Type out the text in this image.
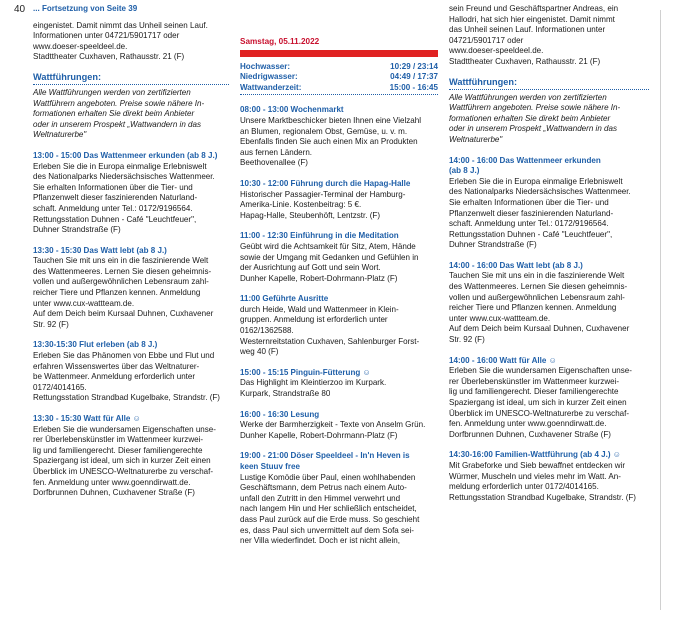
40 ... Fortsetzung von Seite 39
eingenistet. Damit nimmt das Unheil seinen Lauf.
Informationen unter 04721/5901717 oder
www.doeser-speeldeel.de.
Stadttheater Cuxhaven, Rathausstr. 21 (F)
Wattführungen:
Alle Wattführungen werden von zertifizierten
Wattführern angeboten. Preise sowie nähere In-
formationen erhalten Sie direkt beim Anbieter
oder in unserem Prospekt „Wattwandern in das
Weltnaturerbe"
13:00 - 15:00 Das Wattenmeer erkunden (ab 8 J.)
Erleben Sie die in Europa einmalige Erlebniswelt
des Nationalparks Niedersächsisches Wattenmeer.
Sie erhalten Informationen über die Tier- und
Pflanzenwelt dieser faszinierenden Naturland-
schaft. Anmeldung unter Tel.: 0172/9196564.
Rettungsstation Duhnen - Café "Leuchtfeuer",
Duhner Strandstraße (F)
13:30 - 15:30 Das Watt lebt (ab 8 J.)
Tauchen Sie mit uns ein in die faszinierende Welt
des Wattenmeeres. Lernen Sie diesen geheimnis-
vollen und außergewöhnlichen Lebensraum zahl-
reicher Tiere und Pflanzen kennen. Anmeldung
unter www.cux-wattteam.de.
Auf dem Deich beim Kursaal Duhnen, Cuxhavener
Str. 92 (F)
13:30-15:30 Flut erleben (ab 8 J.)
Erleben Sie das Phänomen von Ebbe und Flut und
erfahren Wissenswertes über das Weltnaturer-
be Wattenmeer. Anmeldung erforderlich unter
0172/4014165.
Rettungsstation Strandbad Kugelbake, Strandstr. (F)
13:30 - 15:30 Watt für Alle ☺
Erleben Sie die wundersamen Eigenschaften unse-
rer Überlebenskünstler im Wattenmeer kurzwei-
lig und familiengerecht. Dieser familiengerechte
Spaziergang ist ideal, um sich in kurzer Zeit einen
Überblick im UNESCO-Weltnaturerbe zu verschaf-
fen. Anmeldung unter www.goenndirwatt.de.
Dorfbrunnen Duhnen, Cuxhavener Straße (F)
Samstag, 05.11.2022
Hochwasser:	10:29 / 23:14
Niedrigwasser:	04:49 / 17:37
Wattwanderzeit:	15:00 - 16:45
08:00 - 13:00 Wochenmarkt
Unsere Marktbeschicker bieten Ihnen eine Vielzahl
an Blumen, regionalem Obst, Gemüse, u. v. m.
Ebenfalls finden Sie auch einen Mix an Produkten
aus fernen Ländern.
Beethovenallee (F)
10:30 - 12:00 Führung durch die Hapag-Halle
Historischer Passagier-Terminal der Hamburg-
Amerika-Linie. Kostenbeitrag: 5 €.
Hapag-Halle, Steubenhöft, Lentzstr. (F)
11:00 - 12:30 Einführung in die Meditation
Geübt wird die Achtsamkeit für Sitz, Atem, Hände
sowie der Umgang mit Gedanken und Gefühlen in
der Ausrichtung auf Gott und sein Wort.
Dunher Kapelle, Robert-Dohrmann-Platz (F)
11:00 Geführte Ausritte
durch Heide, Wald und Wattenmeer in Klein-
gruppen. Anmeldung ist erforderlich unter
0162/1362588.
Westernreitstation Cuxhaven, Sahlenburger Forst-
weg 40 (F)
15:00 - 15:15 Pinguin-Fütterung ☺
Das Highlight im Kleintierzoo im Kurpark.
Kurpark, Strandstraße 80
16:00 - 16:30 Lesung
Werke der Barmherzigkeit - Texte von Anselm Grün.
Dunher Kapelle, Robert-Dohrmann-Platz (F)
19:00 - 21:00 Döser Speeldeel - In'n Heven is
keen Stuuv free
Lustige Komödie über Paul, einen wohlhabenden
Geschäftsmann, dem Petrus nach einem Auto-
unfall den Zutritt in den Himmel verwehrt und
nach langem Hin und Her schließlich entscheidet,
dass Paul zurück auf die Erde muss. So geschieht
es, dass Paul sich unvermittelt auf dem Sofa sei-
ner Villa wiederfindet. Doch er ist nicht allein,
sein Freund und Geschäftspartner Andreas, ein
Hallodri, hat sich hier eingenistet. Damit nimmt
das Unheil seinen Lauf. Informationen unter
04721/5901717 oder
www.doeser-speeldeel.de.
Stadttheater Cuxhaven, Rathausstr. 21 (F)
Wattführungen:
Alle Wattführungen werden von zertifizierten
Wattführern angeboten. Preise sowie nähere In-
formationen erhalten Sie direkt beim Anbieter
oder in unserem Prospekt „Wattwandern in das
Weltnaturerbe"
14:00 - 16:00 Das Wattenmeer erkunden
(ab 8 J.)
Erleben Sie die in Europa einmalige Erlebniswelt
des Nationalparks Niedersächsisches Wattenmeer.
Sie erhalten Informationen über die Tier- und
Pflanzenwelt dieser faszinierenden Naturland-
schaft. Anmeldung unter Tel.: 0172/9196564.
Rettungsstation Duhnen - Café "Leuchtfeuer",
Duhner Strandstraße (F)
14:00 - 16:00 Das Watt lebt (ab 8 J.)
Tauchen Sie mit uns ein in die faszinierende Welt
des Wattenmeeres. Lernen Sie diesen geheimnis-
vollen und außergewöhnlichen Lebensraum zahl-
reicher Tiere und Pflanzen kennen. Anmeldung
unter www.cux-wattteam.de.
Auf dem Deich beim Kursaal Duhnen, Cuxhavener
Str. 92 (F)
14:00 - 16:00 Watt für Alle ☺
Erleben Sie die wundersamen Eigenschaften unse-
rer Überlebenskünstler im Wattenmeer kurzwei-
lig und familiengerecht. Dieser familiengerechte
Spaziergang ist ideal, um sich in kurzer Zeit einen
Überblick im UNESCO-Weltnaturerbe zu verschaf-
fen. Anmeldung unter www.goenndirwatt.de.
Dorfbrunnen Duhnen, Cuxhavener Straße (F)
14:30-16:00 Familien-Wattführung (ab 4 J.) ☺
Mit Grabeforke und Sieb bewaffnet entdecken wir
Würmer, Muscheln und vieles mehr im Watt. An-
meldung erforderlich unter 0172/4014165.
Rettungsstation Strandbad Kugelbake, Strandstr. (F)
